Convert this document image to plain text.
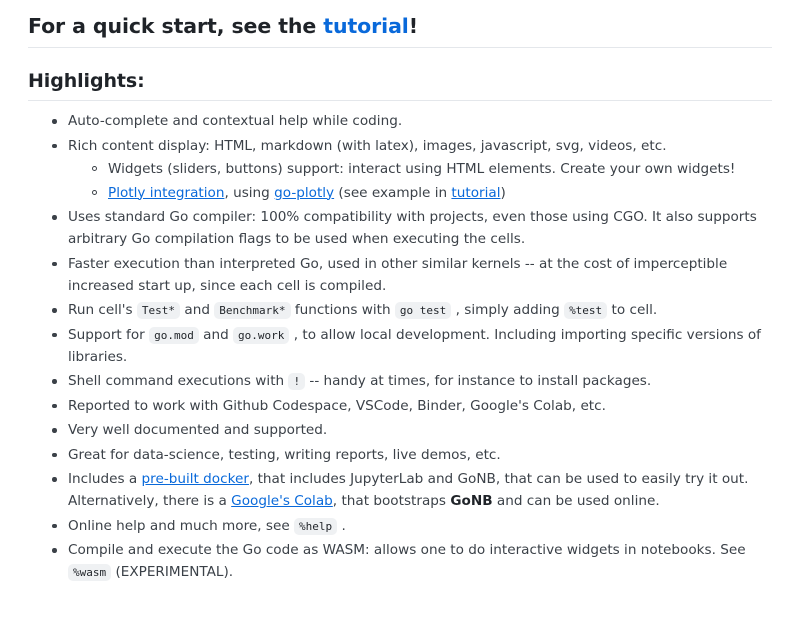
For a quick start, see the tutorial!
Highlights:
Auto-complete and contextual help while coding.
Rich content display: HTML, markdown (with latex), images, javascript, svg, videos, etc.
Widgets (sliders, buttons) support: interact using HTML elements. Create your own widgets!
Plotly integration, using go-plotly (see example in tutorial)
Uses standard Go compiler: 100% compatibility with projects, even those using CGO. It also supports arbitrary Go compilation flags to be used when executing the cells.
Faster execution than interpreted Go, used in other similar kernels -- at the cost of imperceptible increased start up, since each cell is compiled.
Run cell's Test* and Benchmark* functions with go test , simply adding %test to cell.
Support for go.mod and go.work , to allow local development. Including importing specific versions of libraries.
Shell command executions with ! -- handy at times, for instance to install packages.
Reported to work with Github Codespace, VSCode, Binder, Google's Colab, etc.
Very well documented and supported.
Great for data-science, testing, writing reports, live demos, etc.
Includes a pre-built docker, that includes JupyterLab and GoNB, that can be used to easily try it out. Alternatively, there is a Google's Colab, that bootstraps GoNB and can be used online.
Online help and much more, see %help .
Compile and execute the Go code as WASM: allows one to do interactive widgets in notebooks. See %wasm (EXPERIMENTAL).
